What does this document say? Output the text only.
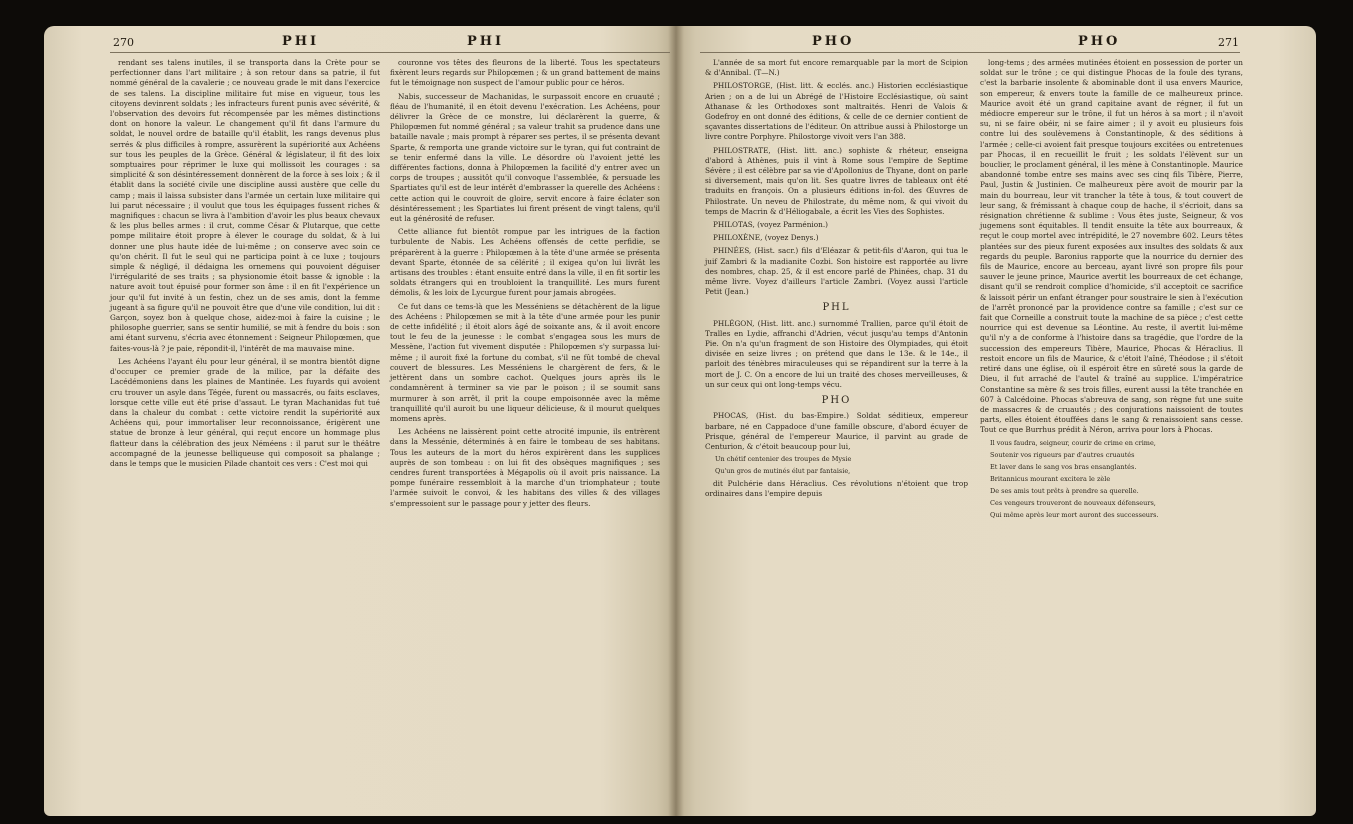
270	PHI	PHI

rendant ses talens inutiles, il se transporta dans la Crète pour se perfectionner dans l'art militaire ; à son retour dans sa patrie, il fut nommé général de la cavalerie ; ce nouveau grade le mit dans l'exercice de ses talens. La discipline militaire fut mise en vigueur, tous les citoyens devinrent soldats ; les infracteurs furent punis avec sévérité, & l'observation des devoirs fut récompensée par les mêmes distinctions dont on honore la valeur. Le changement qu'il fit dans l'armure du soldat, le nouvel ordre de bataille qu'il établit, les rangs devenus plus serrés & plus difficiles à rompre, assurèrent la supériorité aux Achéens sur tous les peuples de la Grèce. Général & législateur, il fit des loix somptuaires pour réprimer le luxe qui mollissoit les courages : sa simplicité & son désintéressement donnèrent de la force à ses loix ; & il établit dans la société civile une discipline aussi austère que celle du camp ; mais il laissa subsister dans l'armée un certain luxe militaire qui lui parut nécessaire ; il voulut que tous les équipages fussent riches & magnifiques : chacun se livra à l'ambition d'avoir les plus beaux chevaux & les plus belles armes : il crut, comme César & Plutarque, que cette pompe militaire étoit propre à élever le courage du soldat, & à lui donner une plus haute idée de lui-même ; on conserve avec soin ce qu'on chérit. Il fut le seul qui ne participa point à ce luxe ; toujours simple & négligé, il dédaigna les ornemens qui pouvoient déguiser l'irrégularité de ses traits ; sa physionomie étoit basse & ignoble : la nature avoit tout épuisé pour former son âme : il en fit l'expérience un jour qu'il fut invité à un festin, chez un de ses amis, dont la femme jugeant à sa figure qu'il ne pouvoit être que d'une vile condition, lui dit : Garçon, soyez bon à quelque chose, aidez-moi à faire la cuisine ; le philosophe guerrier, sans se sentir humilié, se mit à fendre du bois : son ami étant survenu, s'écria avec étonnement : Seigneur Philopœmen, que faites-vous-là ? je paie, répondit-il, l'intérêt de ma mauvaise mine.

Les Achéens l'ayant élu pour leur général, il se montra bientôt digne d'occuper ce premier grade de la milice, par la défaite des Lacédémoniens dans les plaines de Mantinée. Les fuyards qui avoient cru trouver un asyle dans Tégée, furent ou massacrés, ou faits esclaves, lorsque cette ville eut été prise d'assaut. Le tyran Machanidas fut tué dans la chaleur du combat : cette victoire rendit la supériorité aux Achéens qui, pour immortaliser leur reconnoissance, érigèrent une statue de bronze à leur général, qui reçut encore un hommage plus flatteur dans la célébration des jeux Néméens : il parut sur le théâtre accompagné de la jeunesse belliqueuse qui composoit sa phalange ; dans le temps que le musicien Pilade chantoit ces vers : C'est moi qui

couronne vos têtes des fleurons de la liberté. Tous les spectateurs fixèrent leurs regards sur Philopœmen ; & un grand battement de mains fut le témoignage non suspect de l'amour public pour ce héros.

Nabis, successeur de Machanidas, le surpassoit encore en cruauté ; fléau de l'humanité, il en étoit devenu l'exécration. Les Achéens, pour délivrer la Grèce de ce monstre, lui déclarèrent la guerre, & Philopœmen fut nommé général ; sa valeur trahit sa prudence dans une bataille navale ; mais prompt à réparer ses pertes, il se présenta devant Sparte, & remporta une grande victoire sur le tyran, qui fut contraint de se tenir enfermé dans la ville. Le désordre où l'avoient jetté les différentes factions, donna à Philopœmen la facilité d'y entrer avec un corps de troupes ; aussitôt qu'il convoque l'assemblée, & persuade les Spartiates qu'il est de leur intérêt d'embrasser la querelle des Achéens : cette action qui le couvroit de gloire, servit encore à faire éclater son désintéressement ; les Spartiates lui firent présent de vingt talens, qu'il eut la générosité de refuser.

Cette alliance fut bientôt rompue par les intrigues de la faction turbulente de Nabis. Les Achéens offensés de cette perfidie, se préparèrent à la guerre : Philopœmen à la tête d'une armée se présenta devant Sparte, étonnée de sa célérité ; il exigea qu'on lui livrât les artisans des troubles : étant ensuite entré dans la ville, il en fit sortir les soldats étrangers qui en troubloient la tranquillité. Les murs furent démolis, & les loix de Lycurgue furent pour jamais abrogées.

Ce fut dans ce tems-là que les Messéniens se détachèrent de la ligue des Achéens : Philopœmen se mit à la tête d'une armée pour les punir de cette infidélité ; il étoit alors âgé de soixante ans, & il avoit encore tout le feu de la jeunesse : le combat s'engagea sous les murs de Messène, l'action fut vivement disputée : Philopœmen s'y surpassa lui-même ; il auroit fixé la fortune du combat, s'il ne fût tombé de cheval couvert de blessures. Les Messéniens le chargèrent de fers, & le jettèrent dans un sombre cachot. Quelques jours après ils le condamnèrent à terminer sa vie par le poison ; il se soumit sans murmurer à son arrêt, il prit la coupe empoisonnée avec la même tranquillité qu'il auroit bu une liqueur délicieuse, & il mourut quelques momens après.

Les Achéens ne laissèrent point cette atrocité impunie, ils entrèrent dans la Messénie, déterminés à en faire le tombeau de ses habitans. Tous les auteurs de la mort du héros expirèrent dans les supplices auprès de son tombeau : on lui fit des obsèques magnifiques ; ses cendres furent transportées à Mégapolis où il avoit pris naissance. La pompe funéraire ressembloit à la marche d'un triomphateur ; toute l'armée suivoit le convoi, & les habitans des villes & des villages s'empressoient sur le passage pour y jetter des fleurs.

PHO	PHO	271

L'année de sa mort fut encore remarquable par la mort de Scipion & d'Annibal. (T—N.)

PHILOSTORGE, (Hist. litt. & ecclés. anc.) Historien ecclésiastique Arien ; on a de lui un Abrégé de l'Histoire Ecclésiastique, où saint Athanase & les Orthodoxes sont maltraités. Henri de Valois & Godefroy en ont donné des éditions, & celle de ce dernier contient de sçavantes dissertations de l'éditeur. On attribue aussi à Philostorge un livre contre Porphyre. Philostorge vivoit vers l'an 388.

PHILOSTRATE, (Hist. litt. anc.) sophiste & rhéteur, enseigna d'abord à Athènes, puis il vint à Rome sous l'empire de Septime Sévère ; il est célèbre par sa vie d'Apollonius de Thyane, dont on parle si diversement, mais qu'on lit. Ses quatre livres de tableaux ont été traduits en françois. On a plusieurs éditions in-fol. des Œuvres de Philostrate. Un neveu de Philostrate, du même nom, & qui vivoit du temps de Macrin & d'Héliogabale, a écrit les Vies des Sophistes.

PHILOTAS, (voyez Parménion.)

PHILOXÈNE, (voyez Denys.)

PHINÉES, (Hist. sacr.) fils d'Eléazar & petit-fils d'Aaron, qui tua le juif Zambri & la madianite Cozbi. Son histoire est rapportée au livre des nombres, chap. 25, & il est encore parlé de Phinées, chap. 31 du même livre. Voyez d'ailleurs l'article Zambri. (Voyez aussi l'article Petit (Jean.)

PHL

PHLÉGON, (Hist. litt. anc.) surnommé Trallien, parce qu'il étoit de Tralles en Lydie, affranchi d'Adrien, vécut jusqu'au temps d'Antonin Pie. On n'a qu'un fragment de son Histoire des Olympiades, qui étoit divisée en seize livres ; on prétend que dans le 13e. & le 14e., il parloit des ténèbres miraculeuses qui se répandirent sur la terre à la mort de J. C. On a encore de lui un traité des choses merveilleuses, & un sur ceux qui ont long-temps vécu.

PHO

PHOCAS, (Hist. du bas-Empire.) Soldat séditieux, empereur barbare, né en Cappadoce d'une famille obscure, d'abord écuyer de Prisque, général de l'empereur Maurice, il parvint au grade de Centurion, & c'étoit beaucoup pour lui,

Un chétif centenier des troupes de Mysie

Qu'un gros de mutinés élut par fantaisie,

dit Pulchérie dans Héraclius. Ces révolutions n'étoient que trop ordinaires dans l'empire depuis

long-tems ; des armées mutinées étoient en possession de porter un soldat sur le trône ; ce qui distingue Phocas de la foule des tyrans, c'est la barbarie insolente & abominable dont il usa envers Maurice, son empereur, & envers toute la famille de ce malheureux prince. Maurice avoit été un grand capitaine avant de régner, il fut un médiocre empereur sur le trône, il fut un héros à sa mort ; il n'avoit su, ni se faire obéir, ni se faire aimer ; il y avoit eu plusieurs fois contre lui des soulèvemens à Constantinople, & des séditions à l'armée ; celle-ci avoient fait presque toujours excitées ou entretenues par Phocas, il en recueillit le fruit ; les soldats l'élèvent sur un bouclier, le proclament général, il les mène à Constantinople. Maurice abandonné tombe entre ses mains avec ses cinq fils Tibère, Pierre, Paul, Justin & Justinien. Ce malheureux père avoit de mourir par la main du bourreau, leur vit trancher la tête à tous, & tout couvert de leur sang, & frémissant à chaque coup de hache, il s'écrioit, dans sa résignation chrétienne & sublime : Vous êtes juste, Seigneur, & vos jugemens sont équitables. Il tendit ensuite la tête aux bourreaux, & reçut le coup mortel avec intrépidité, le 27 novembre 602. Leurs têtes plantées sur des pieux furent exposées aux insultes des soldats & aux regards du peuple. Baronius rapporte que la nourrice du dernier des fils de Maurice, encore au berceau, ayant livré son propre fils pour sauver le jeune prince, Maurice avertit les bourreaux de cet échange, disant qu'il se rendroit complice d'homicide, s'il acceptoit ce sacrifice & laissoit périr un enfant étranger pour soustraire le sien à l'exécution de l'arrêt prononcé par la providence contre sa famille ; c'est sur ce fait que Corneille a construit toute la machine de sa pièce ; c'est cette nourrice qui est devenue sa Léontine. Au reste, il avertit lui-même qu'il n'y a de conforme à l'histoire dans sa tragédie, que l'ordre de la succession des empereurs Tibère, Maurice, Phocas & Héraclius. Il restoit encore un fils de Maurice, & c'étoit l'aîné, Théodose ; il s'étoit retiré dans une église, où il espéroit être en sûreté sous la garde de Dieu, il fut arraché de l'autel & traîné au supplice. L'impératrice Constantine sa mère & ses trois filles, eurent aussi la tête tranchée en 607 à Calcédoine. Phocas s'abreuva de sang, son règne fut une suite de massacres & de cruautés ; des conjurations naissoient de toutes parts, elles étoient étouffées dans le sang & renaissoient sans cesse. Tout ce que Burrhus prédit à Néron, arriva pour lors à Phocas.

Il vous faudra, seigneur, courir de crime en crime,

Soutenir vos rigueurs par d'autres cruautés

Et laver dans le sang vos bras ensanglantés.

Britannicus mourant excitera le zèle

De ses amis tout prêts à prendre sa querelle.

Ces vengeurs trouveront de nouveaux défenseurs,

Qui même après leur mort auront des successeurs.
